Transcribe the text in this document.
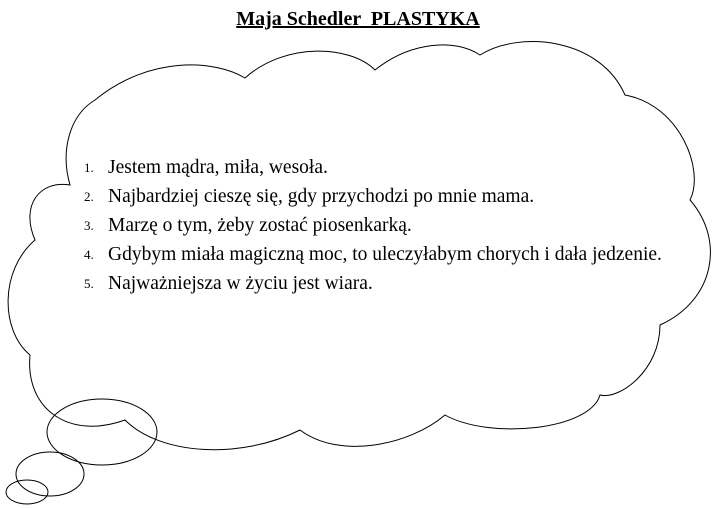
Maja Schedler  PLASTYKA
1. Jestem mądra, miła, wesoła.
2. Najbardziej cieszę się, gdy przychodzi po mnie mama.
3. Marzę o tym, żeby zostać piosenkarką.
4. Gdybym miała magiczną moc, to uleczyłabym chorych i dała jedzenie.
5. Najważniejsza w życiu jest wiara.
